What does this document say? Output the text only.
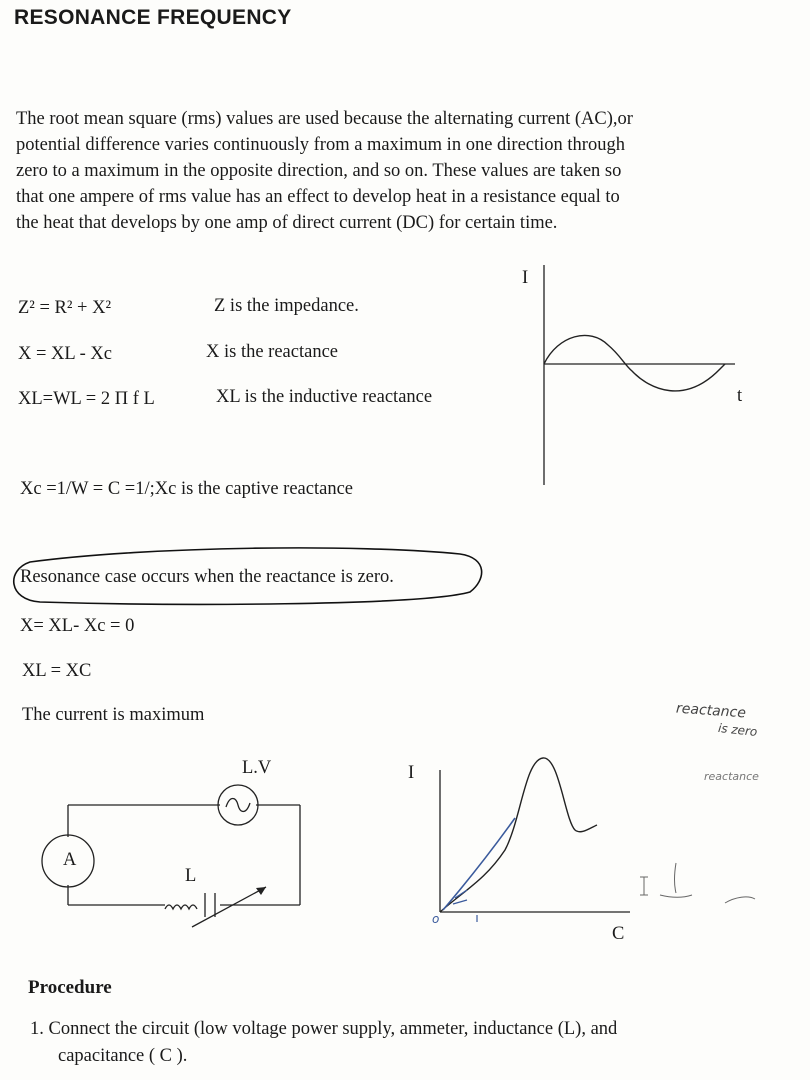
RESONANCE FREQUENCY
The root mean square (rms) values are used because the alternating current (AC),or
potential difference varies continuously from a maximum in one direction through
zero to a maximum in the opposite direction, and so on. These values are taken so
that one ampere of rms value has an effect to develop heat in a resistance equal to
the heat that develops by one amp of direct current (DC) for certain time.
Z² = R² + X²	Z is the impedance.
X = XL - Xc	X is the reactance
XL=WL = 2 Π f L	XL is the inductive reactance
Xc =1/W = C =1/;Xc is the captive reactance
I
t
Resonance case occurs when the reactance is zero.
X= XL- Xc = 0
XL = XC
The current is maximum
L.V
A
L
I
C
o
reactance
is zero
reactance
Procedure
1. Connect the circuit (low voltage power supply, ammeter, inductance (L), and
capacitance ( C ).
